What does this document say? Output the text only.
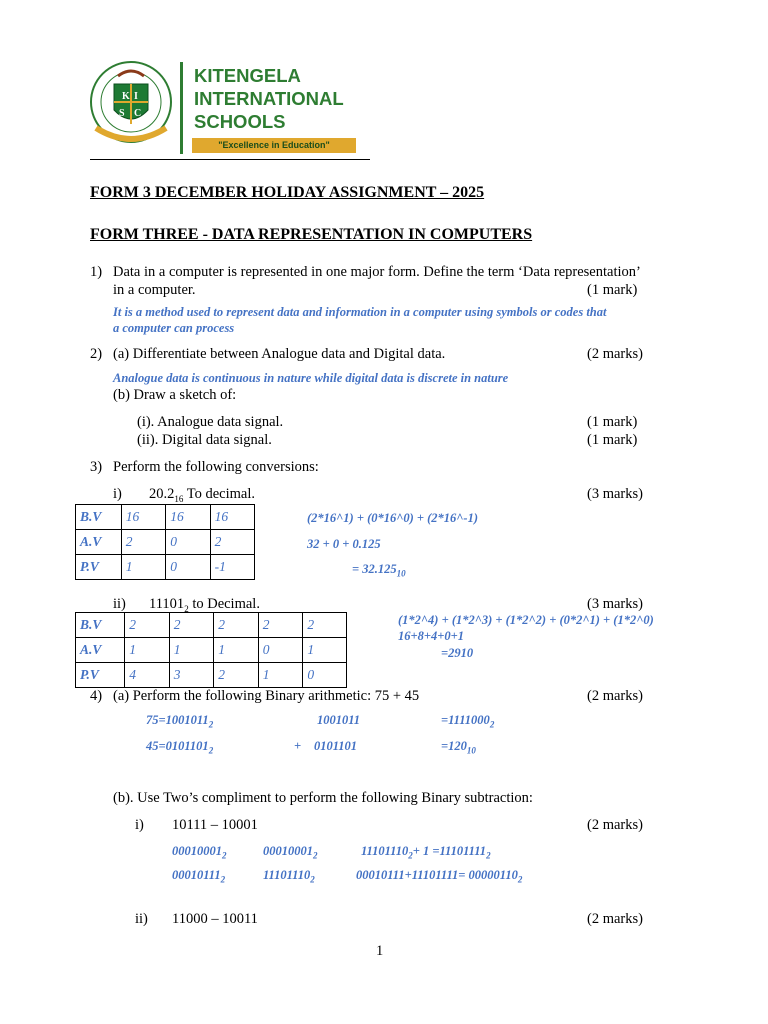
K I
S C
KITENGELA
INTERNATIONAL
SCHOOLS
"Excellence in Education"
FORM 3 DECEMBER HOLIDAY ASSIGNMENT – 2025
FORM THREE - DATA REPRESENTATION IN COMPUTERS
1) Data in a computer is represented in one major form. Define the term ‘Data representation’
in a computer.	(1 mark)
It is a method used to represent data and information in a computer using symbols or codes that
a computer can process
2) (a) Differentiate between Analogue data and Digital data.	(2 marks)
Analogue data is continuous in nature while digital data is discrete in nature
(b) Draw a sketch of:
(i). Analogue data signal.	(1 mark)
(ii). Digital data signal.	(1 mark)
3) Perform the following conversions:
i) $20.2_{16}$ To decimal.	(3 marks)
B.V	16	16	16
A.V	2	0	2
P.V	1	0	-1
(2*16^1) + (0*16^0) + (2*16^-1)
32 + 0 + 0.125
= $32.125_{10}$
ii) $11101_2$ to Decimal.	(3 marks)
B.V	2	2	2	2	2
A.V	1	1	1	0	1
P.V	4	3	2	1	0
(1*2^4) + (1*2^3) + (1*2^2) + (0*2^1) + (1*2^0)
16+8+4+0+1
=2910
4) (a) Perform the following Binary arithmetic: 75 + 45	(2 marks)
$75=1001011_2$	1001011	$=1111000_2$
$45=0101101_2$	+ 0101101	$=120_{10}$
(b). Use Two’s compliment to perform the following Binary subtraction:
i) 10111 – 10001	(2 marks)
$00010001_2$	$00010001_2$	$11101110_2+ 1 =11101111_2$
$00010111_2$	$11101110_2$	$00010111+11101111= 00000110_2$
ii) 11000 – 10011	(2 marks)
1
